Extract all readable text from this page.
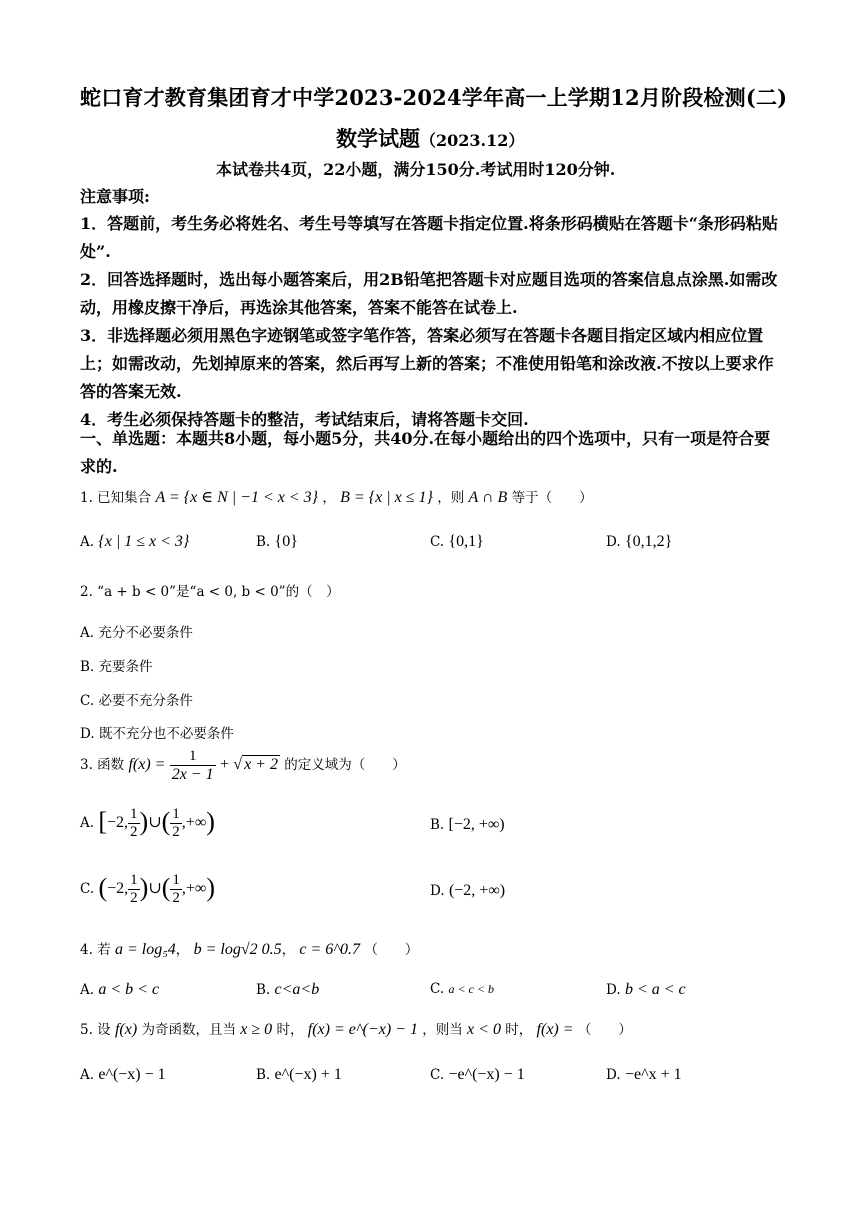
蛇口育才教育集团育才中学2023-2024学年高一上学期12月阶段检测(二)
数学试题（2023.12）
本试卷共4页，22小题，满分150分.考试用时120分钟.
注意事项:
1．答题前，考生务必将姓名、考生号等填写在答题卡指定位置.将条形码横贴在答题卡“条形码粘贴处”.
2．回答选择题时，选出每小题答案后，用2B铅笔把答题卡对应题目选项的答案信息点涂黑.如需改动，用橡皮擦干净后，再选涂其他答案，答案不能答在试卷上.
3．非选择题必须用黑色字迹钢笔或签字笔作答，答案必须写在答题卡各题目指定区域内相应位置上；如需改动，先划掉原来的答案，然后再写上新的答案；不准使用铅笔和涂改液.不按以上要求作答的答案无效.
4．考生必须保持答题卡的整洁，考试结束后，请将答题卡交回.
一、单选题：本题共8小题，每小题5分，共40分.在每小题给出的四个选项中，只有一项是符合要求的.
1. 已知集合 A = {x ∈ N | −1 < x < 3} ， B = {x | x ≤ 1} ，则 A ∩ B 等于（　　）
A. {x | 1 ≤ x < 3}	B. {0}	C. {0,1}	D. {0,1,2}
2. “a + b < 0”是“a < 0, b < 0”的（　）
A. 充分不必要条件
B. 充要条件
C. 必要不充分条件
D. 既不充分也不必要条件
3. 函数 $f(x) = \frac{1}{2x - 1}$ + √ x + 2 的定义域为（　　）
A. [−2, $\frac{1}{2}$ )∪( $\frac{1}{2}$ ,+∞)	B. [−2, +∞)
C. (−2, $\frac{1}{2}$ )∪( $\frac{1}{2}$ ,+∞)	D. (−2, +∞)
4. 若 a = log₅4， b = log√2 0.5， c = 6^0.7 （　　）
A. a < b < c	B. c<a<b	C. a < c < b	D. b < a < c
5. 设 f(x) 为奇函数，且当 x ≥ 0 时， f(x) = e^(−x) − 1 ，则当 x < 0 时， f(x) = （　　）
A. e^(−x) − 1	B. e^(−x) + 1	C. −e^(−x) − 1	D. −e^x + 1
